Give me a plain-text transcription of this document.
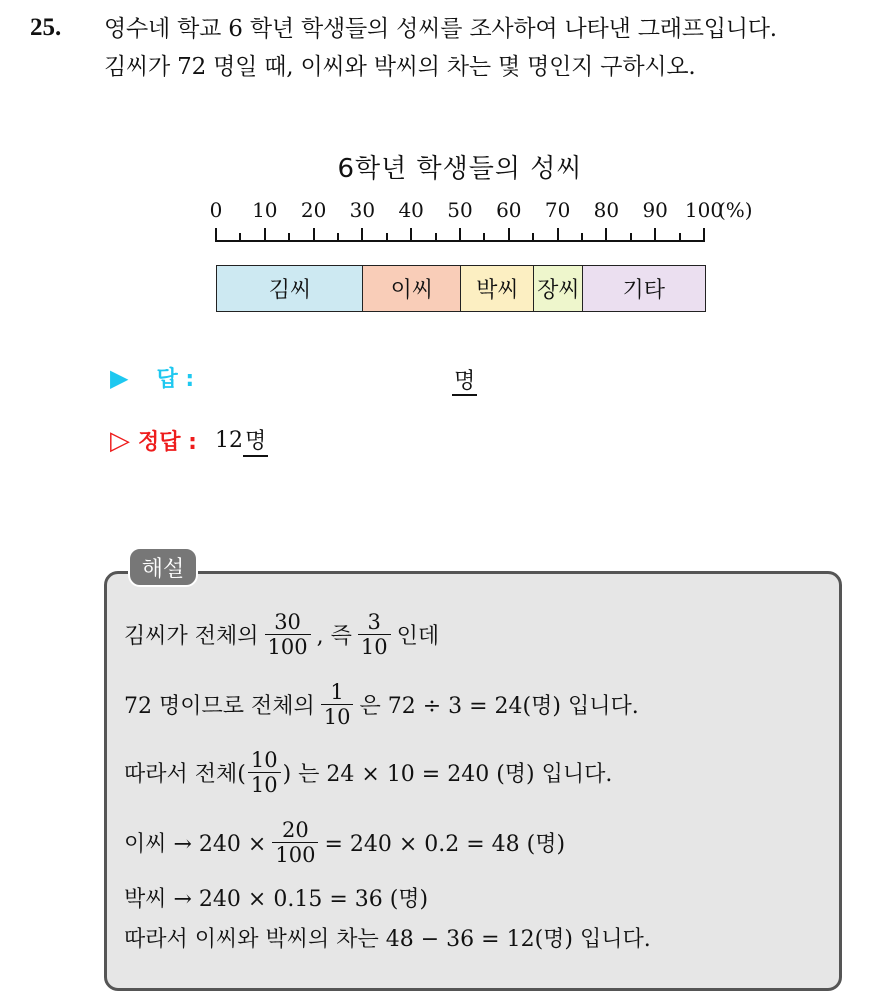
25. 영수네 학교 6 학년 학생들의 성씨를 조사하여 나타낸 그래프입니다.
김씨가 72 명일 때, 이씨와 박씨의 차는 몇 명인지 구하시오.
6학년 학생들의 성씨
0 10 20 30 40 50 60 70 80 90 100
(%)
김씨	이씨	박씨 장씨	기타
▶ 답 :	명
▷ 정답 : 12 명
해설
김씨가 전체의 $\frac{30}{100}$ , 즉 $\frac{3}{10}$ 인데
72 명이므로 전체의 $\frac{1}{10}$ 은 72 ÷ 3 = 24(명) 입니다.
따라서 전체( $\frac{10}{10}$ ) 는 24 × 10 = 240 (명) 입니다.
이씨 → $240 \times \frac{20}{100} = 240 \times 0.2 = 48$ (명)
박씨 → 240 × 0.15 = 36 (명)
따라서 이씨와 박씨의 차는 48 − 36 = 12(명) 입니다.
